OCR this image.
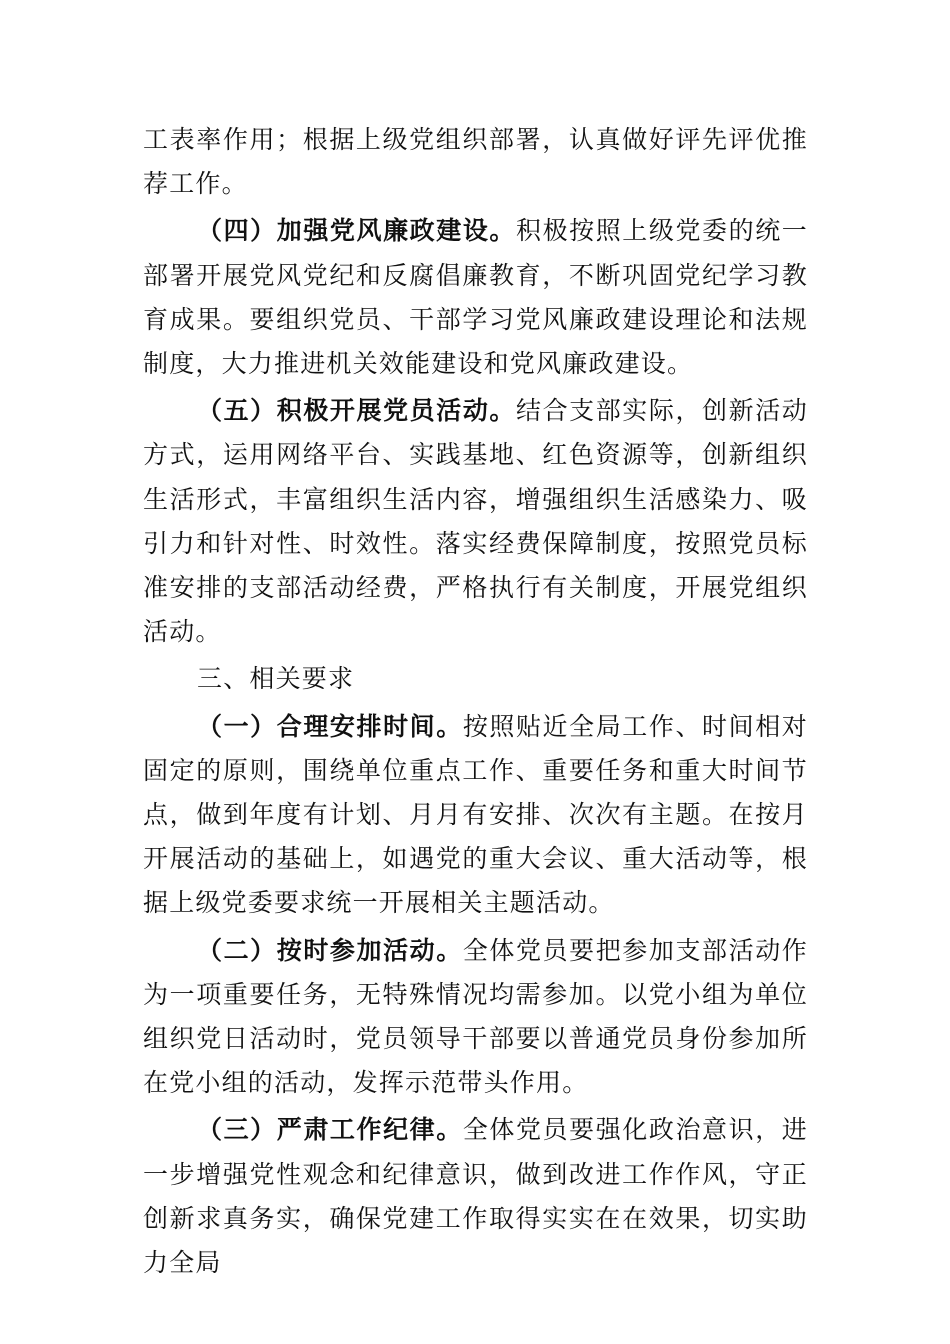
工表率作用；根据上级党组织部署，认真做好评先评优推荐工作。

（四）加强党风廉政建设。积极按照上级党委的统一部署开展党风党纪和反腐倡廉教育，不断巩固党纪学习教育成果。要组织党员、干部学习党风廉政建设理论和法规制度，大力推进机关效能建设和党风廉政建设。

（五）积极开展党员活动。结合支部实际，创新活动方式，运用网络平台、实践基地、红色资源等，创新组织生活形式，丰富组织生活内容，增强组织生活感染力、吸引力和针对性、时效性。落实经费保障制度，按照党员标准安排的支部活动经费，严格执行有关制度，开展党组织活动。

三、相关要求

（一）合理安排时间。按照贴近全局工作、时间相对固定的原则，围绕单位重点工作、重要任务和重大时间节点，做到年度有计划、月月有安排、次次有主题。在按月开展活动的基础上，如遇党的重大会议、重大活动等，根据上级党委要求统一开展相关主题活动。

（二）按时参加活动。全体党员要把参加支部活动作为一项重要任务，无特殊情况均需参加。以党小组为单位组织党日活动时，党员领导干部要以普通党员身份参加所在党小组的活动，发挥示范带头作用。

（三）严肃工作纪律。全体党员要强化政治意识，进一步增强党性观念和纪律意识，做到改进工作作风，守正创新求真务实，确保党建工作取得实实在在效果，切实助力全局
